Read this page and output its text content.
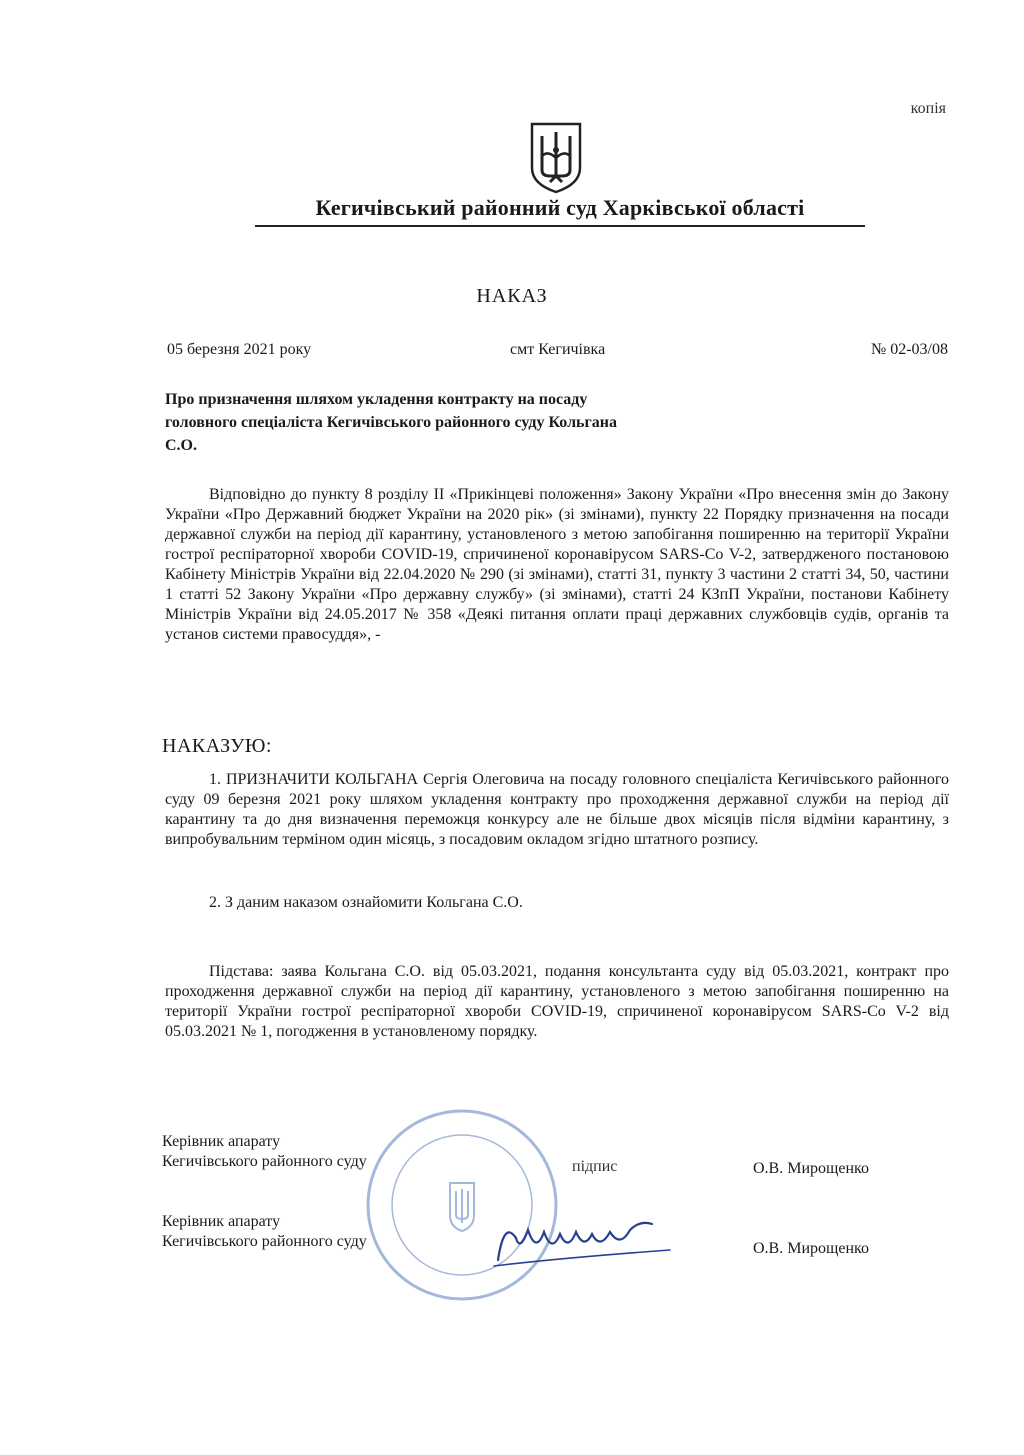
копія
Кегичівський районний суд Харківської області
НАКАЗ
05 березня 2021 року	смт Кегичівка	№ 02-03/08
Про призначення шляхом укладення контракту на посаду головного спеціаліста Кегичівського районного суду Кольгана С.О.

Відповідно до пункту 8 розділу II «Прикінцеві положення» Закону України «Про внесення змін до Закону України «Про Державний бюджет України на 2020 рік» (зі змінами), пункту 22 Порядку призначення на посади державної служби на період дії карантину, установленого з метою запобігання поширенню на території України гострої респіраторної хвороби COVID-19, спричиненої коронавірусом SARS-Co V-2, затвердженого постановою Кабінету Міністрів України від 22.04.2020 № 290 (зі змінами), статті 31, пункту 3 частини 2 статті 34, 50, частини 1 статті 52 Закону України «Про державну службу» (зі змінами), статті 24 КЗпП України, постанови Кабінету Міністрів України від 24.05.2017 № 358 «Деякі питання оплати праці державних службовців судів, органів та установ системи правосуддя», -

НАКАЗУЮ:

1. ПРИЗНАЧИТИ КОЛЬГАНА Сергія Олеговича на посаду головного спеціаліста Кегичівського районного суду 09 березня 2021 року шляхом укладення контракту про проходження державної служби на період дії карантину та до дня визначення переможця конкурсу але не більше двох місяців після відміни карантину, з випробувальним терміном один місяць, з посадовим окладом згідно штатного розпису.

2. З даним наказом ознайомити Кольгана С.О.

Підстава: заява Кольгана С.О. від 05.03.2021, подання консультанта суду від 05.03.2021, контракт про проходження державної служби на період дії карантину, установленого з метою запобігання поширенню на території України гострої респіраторної хвороби COVID-19, спричиненої коронавірусом SARS-Co V-2 від 05.03.2021 № 1, погодження в установленому порядку.

Керівник апарату
Кегичівського районного суду	підпис	О.В. Мирощенко
Керівник апарату
Кегичівського районного суду	О.В. Мирощенко
